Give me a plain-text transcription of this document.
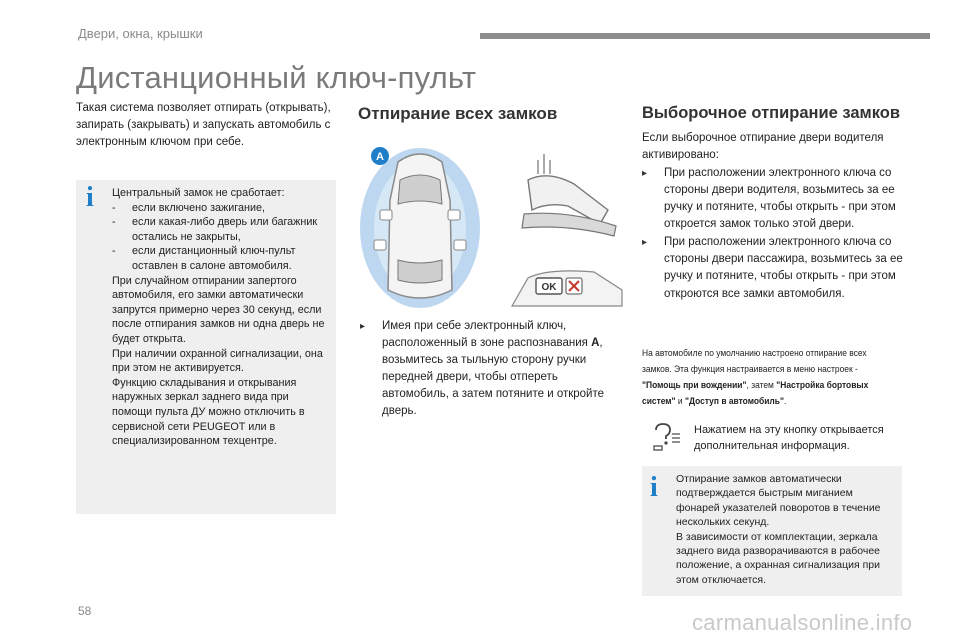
Двери, окна, крышки
Дистанционный ключ-пульт
Такая система позволяет отпирать (открывать), запирать (закрывать) и запускать автомобиль с электронным ключом при себе.
i Центральный замок не сработает:
-	если включено зажигание,
-	если какая-либо дверь или багажник остались не закрыты,
-	если дистанционный ключ-пульт оставлен в салоне автомобиля.
При случайном отпирании запертого автомобиля, его замки автоматически запрутся примерно через 30 секунд, если после отпирания замков ни одна дверь не будет открыта.
При наличии охранной сигнализации, она при этом не активируется.
Функцию складывания и открывания наружных зеркал заднего вида при помощи пульта ДУ можно отключить в сервисной сети PEUGEOT или в специализированном техцентре.
Отпирание всех замков
A
OK
▸	Имея при себе электронный ключ, расположенный в зоне распознавания A, возьмитесь за тыльную сторону ручки передней двери, чтобы отпереть автомобиль, а затем потяните и откройте дверь.
Выборочное отпирание замков
Если выборочное отпирание двери водителя активировано:
▸	При расположении электронного ключа со стороны двери водителя, возьмитесь за ее ручку и потяните, чтобы открыть - при этом откроется замок только этой двери.
▸	При расположении электронного ключа со стороны двери пассажира, возьмитесь за ее ручку и потяните, чтобы открыть - при этом откроются все замки автомобиля.
На автомобиле по умолчанию настроено отпирание всех замков. Эта функция настраивается в меню настроек - "Помощь при вождении", затем "Настройка бортовых систем" и "Доступ в автомобиль".
Нажатием на эту кнопку открывается дополнительная информация.
i Отпирание замков автоматически подтверждается быстрым миганием фонарей указателей поворотов в течение нескольких секунд.
В зависимости от комплектации, зеркала заднего вида разворачиваются в рабочее положение, а охранная сигнализация при этом отключается.
58	carmanualsonline.info
